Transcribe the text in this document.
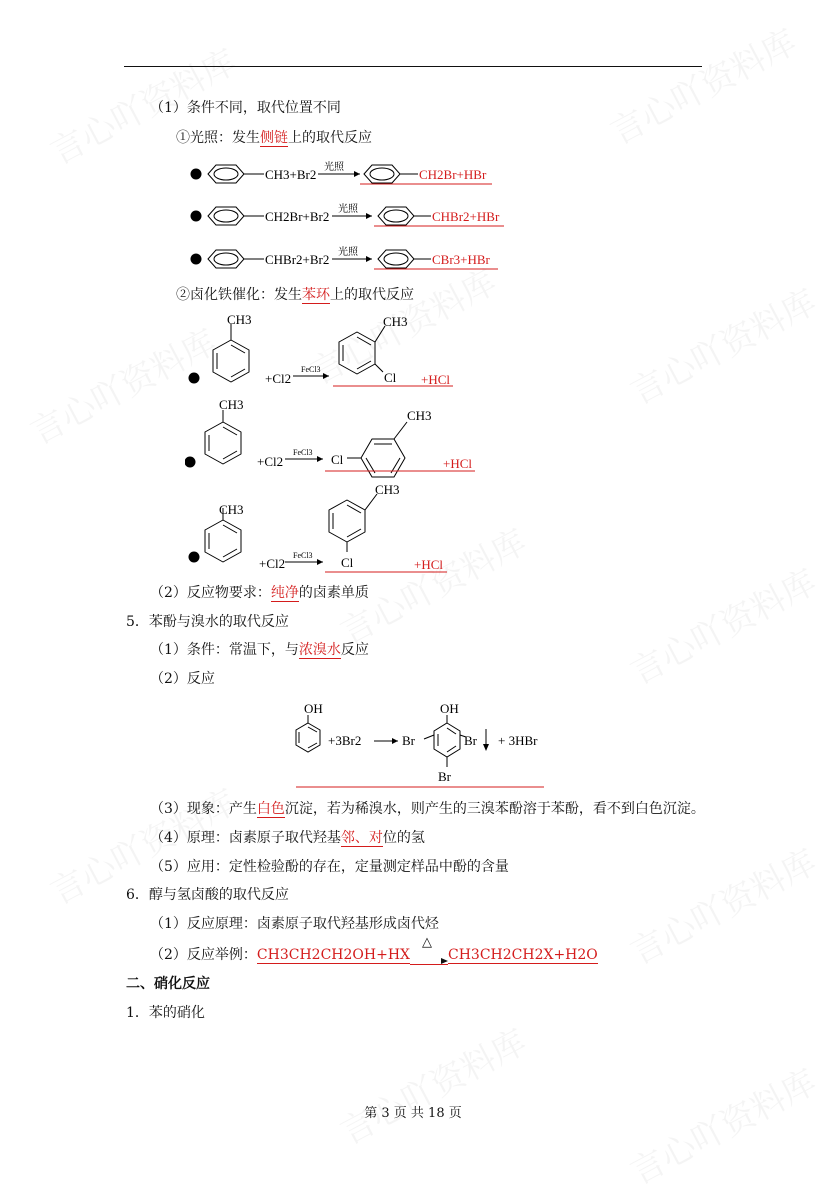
（1）条件不同，取代位置不同
①光照：发生侧链上的取代反应
CH3+Br2 光照	CH2Br+HBr
CH2Br+Br2 光照	CHBr2+HBr
CHBr2+Br2 光照	CBr3+HBr
②卤化铁催化：发生苯环上的取代反应
CH3
+Cl2
FeCl3
CH3
Cl +HCl
CH3
+Cl2
FeCl3 Cl
CH3
+HCl
CH3
+Cl2
FeCl3
CH3
Cl	+HCl
（2）反应物要求：纯净的卤素单质
5．苯酚与溴水的取代反应
（1）条件：常温下，与浓溴水反应
（2）反应
OH
+3Br2	Br
OH
Br
Br
+ 3HBr
（3）现象：产生白色沉淀，若为稀溴水，则产生的三溴苯酚溶于苯酚，看不到白色沉淀。
（4）原理：卤素原子取代羟基邻、对位的氢
（5）应用：定性检验酚的存在，定量测定样品中酚的含量
6．醇与氢卤酸的取代反应
（1）反应原理：卤素原子取代羟基形成卤代烃
（2）反应举例：CH3CH2CH2OH+HX
△
CH3CH2CH2X+H2O
二、硝化反应
1．苯的硝化
第 3 页 共 18 页
